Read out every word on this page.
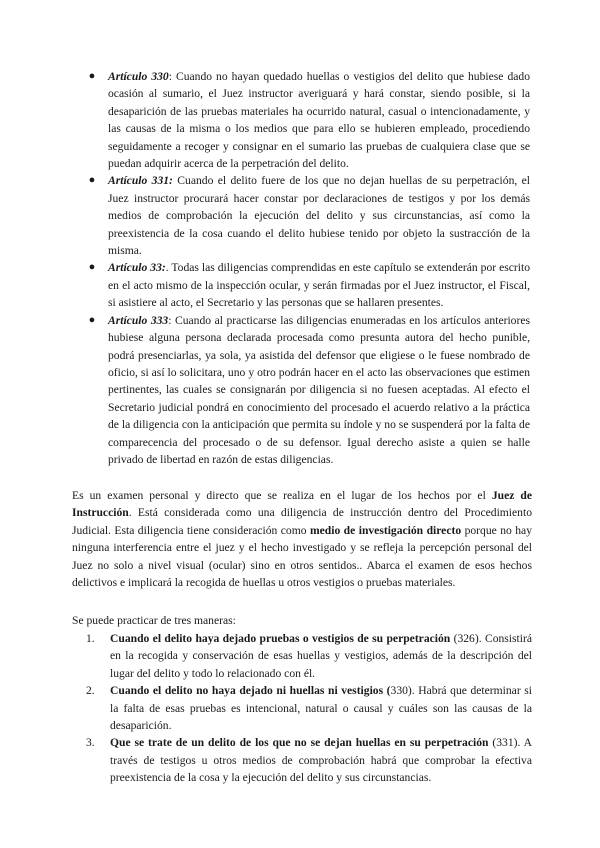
● Artículo 330: Cuando no hayan quedado huellas o vestigios del delito que hubiese dado ocasión al sumario, el Juez instructor averiguará y hará constar, siendo posible, si la desaparición de las pruebas materiales ha ocurrido natural, casual o intencionadamente, y las causas de la misma o los medios que para ello se hubieren empleado, procediendo seguidamente a recoger y consignar en el sumario las pruebas de cualquiera clase que se puedan adquirir acerca de la perpetración del delito.
● Artículo 331: Cuando el delito fuere de los que no dejan huellas de su perpetración, el Juez instructor procurará hacer constar por declaraciones de testigos y por los demás medios de comprobación la ejecución del delito y sus circunstancias, así como la preexistencia de la cosa cuando el delito hubiese tenido por objeto la sustracción de la misma.
● Artículo 33:. Todas las diligencias comprendidas en este capítulo se extenderán por escrito en el acto mismo de la inspección ocular, y serán firmadas por el Juez instructor, el Fiscal, si asistiere al acto, el Secretario y las personas que se hallaren presentes.
● Artículo 333: Cuando al practicarse las diligencias enumeradas en los artículos anteriores hubiese alguna persona declarada procesada como presunta autora del hecho punible, podrá presenciarlas, ya sola, ya asistida del defensor que eligiese o le fuese nombrado de oficio, si así lo solicitara, uno y otro podrán hacer en el acto las observaciones que estimen pertinentes, las cuales se consignarán por diligencia si no fuesen aceptadas. Al efecto el Secretario judicial pondrá en conocimiento del procesado el acuerdo relativo a la práctica de la diligencia con la anticipación que permita su índole y no se suspenderá por la falta de comparecencia del procesado o de su defensor. Igual derecho asiste a quien se halle privado de libertad en razón de estas diligencias.

Es un examen personal y directo que se realiza en el lugar de los hechos por el Juez de Instrucción. Está considerada como una diligencia de instrucción dentro del Procedimiento Judicial. Esta diligencia tiene consideración como medio de investigación directo porque no hay ninguna interferencia entre el juez y el hecho investigado y se refleja la percepción personal del Juez no solo a nivel visual (ocular) sino en otros sentidos.. Abarca el examen de esos hechos delictivos e implicará la recogida de huellas u otros vestigios o pruebas materiales.

Se puede practicar de tres maneras:

1. Cuando el delito haya dejado pruebas o vestigios de su perpetración (326). Consistirá en la recogida y conservación de esas huellas y vestigios, además de la descripción del lugar del delito y todo lo relacionado con él.
2. Cuando el delito no haya dejado ni huellas ni vestigios (330). Habrá que determinar si la falta de esas pruebas es intencional, natural o causal y cuáles son las causas de la desaparición.
3. Que se trate de un delito de los que no se dejan huellas en su perpetración (331). A través de testigos u otros medios de comprobación habrá que comprobar la efectiva preexistencia de la cosa y la ejecución del delito y sus circunstancias.
